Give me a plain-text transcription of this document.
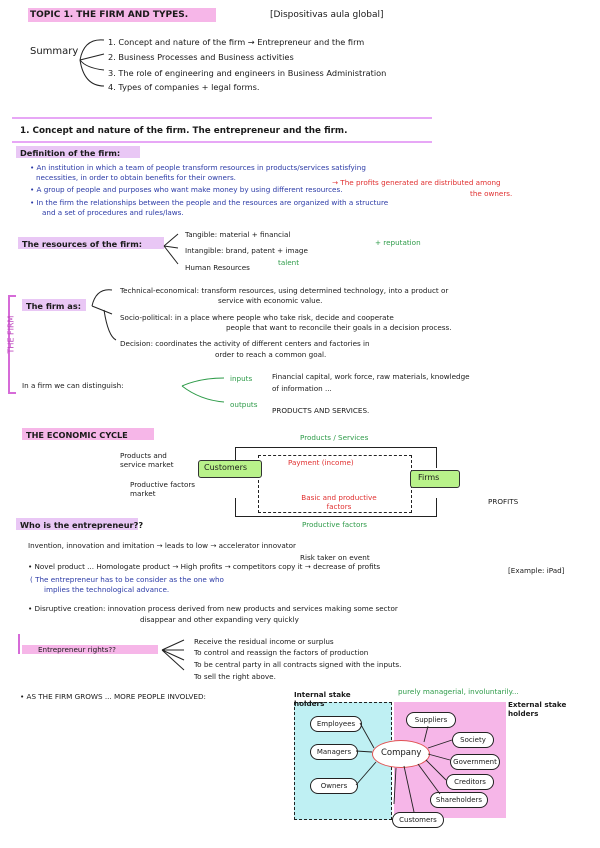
TOPIC 1. THE FIRM AND TYPES.	[Dispositivas aula global]
Summary
1. Concept and nature of the firm → Entrepreneur and the firm
2. Business Processes and Business activities
3. The role of engineering and engineers in Business Administration
4. Types of companies + legal forms.
1. Concept and nature of the firm. The entrepreneur and the firm.
Definition of the firm:
• An institution in which a team of people transform resources in products/services satisfying
necessities, in order to obtain benefits for their owners.
→ The profits generated are distributed among
the owners.
• A group of people and purposes who want make money by using different resources.
• In the firm the relationships between the people and the resources are organized with a structure
and a set of procedures and rules/laws.
THE FIRM
The resources of the firm:
Tangible: material + financial
Intangible: brand, patent + image
Human Resources
+ reputation
talent
The firm as:
Technical-economical: transform resources, using determined technology, into a product or
service with economic value.
Socio-political: in a place where people who take risk, decide and cooperate
people that want to reconcile their goals in a decision process.
Decision: coordinates the activity of different centers and factories in
order to reach a common goal.
In a firm we can distinguish:
inputs	Financial capital, work force, raw materials, knowledge
of information ...
outputs
PRODUCTS AND SERVICES.
THE ECONOMIC CYCLE	Products / Services
Payment (income)
Products and service market
Productive factors market
Customers
Firms
Basic and productive factors
PROFITS
Productive factors
Who is the entrepreneur??
Invention, innovation and imitation → leads to low → accelerator innovator
Risk taker on event
• Novel product ... Homologate product → High profits → competitors copy it → decrease of profits
( The entrepreneur has to be consider as the one who
implies the technological advance.
[Example: iPad]
• Disruptive creation: innovation process derived from new products and services making some sector
disappear and other expanding very quickly
Entrepreneur rights??
Receive the residual income or surplus
To control and reassign the factors of production
To be central party in all contracts signed with the inputs.
To sell the right above.
• AS THE FIRM GROWS ... MORE PEOPLE INVOLVED:
purely managerial, involuntarily...
Internal stake holders	External stake holders
Employees
Managers
Owners
Company
Suppliers
Society
Government
Creditors
Shareholders
Customers
